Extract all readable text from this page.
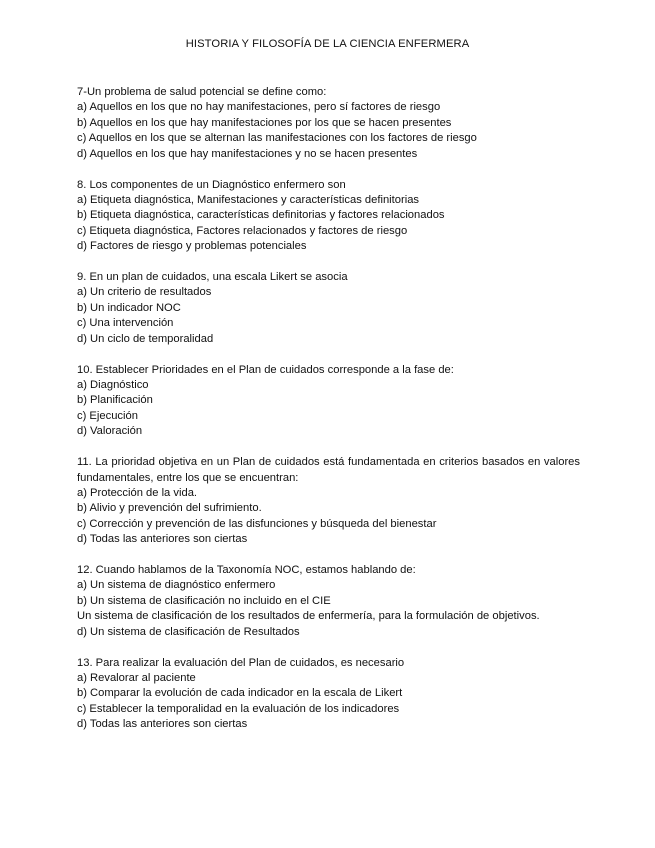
HISTORIA Y FILOSOFÍA DE LA CIENCIA ENFERMERA
7-Un problema de salud potencial se define como:
a) Aquellos en los que no hay manifestaciones, pero sí factores de riesgo
b) Aquellos en los que hay manifestaciones por los que se hacen presentes
c) Aquellos en los que se alternan las manifestaciones con los factores de riesgo
d) Aquellos en los que hay manifestaciones y no se hacen presentes
8. Los componentes de un Diagnóstico enfermero son
a) Etiqueta diagnóstica, Manifestaciones y características definitorias
b) Etiqueta diagnóstica, características definitorias y factores relacionados
c) Etiqueta diagnóstica, Factores relacionados y factores de riesgo
d) Factores de riesgo y problemas potenciales
9. En un plan de cuidados, una escala Likert se asocia
a) Un criterio de resultados
b) Un indicador NOC
c) Una intervención
d) Un ciclo de temporalidad
10. Establecer Prioridades en el Plan de cuidados corresponde a la fase de:
a) Diagnóstico
b) Planificación
c) Ejecución
d) Valoración
11. La prioridad objetiva en un Plan de cuidados está fundamentada en criterios basados en valores fundamentales, entre los que se encuentran:
a) Protección de la vida.
b) Alivio y prevención del sufrimiento.
c) Corrección y prevención de las disfunciones y búsqueda del bienestar
d) Todas las anteriores son ciertas
12. Cuando hablamos de la Taxonomía NOC, estamos hablando de:
a) Un sistema de diagnóstico enfermero
b) Un sistema de clasificación no incluido en el CIE
Un sistema de clasificación de los resultados de enfermería, para la formulación de objetivos.
d) Un sistema de clasificación de Resultados
13. Para realizar la evaluación del Plan de cuidados, es necesario
a) Revalorar al paciente
b) Comparar la evolución de cada indicador en la escala de Likert
c) Establecer la temporalidad en la evaluación de los indicadores
d) Todas las anteriores son ciertas
